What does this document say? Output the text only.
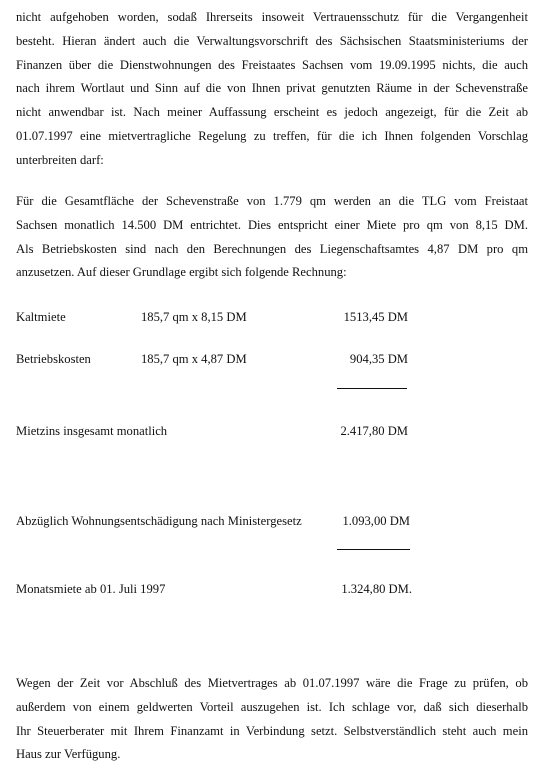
nicht aufgehoben worden, sodaß Ihrerseits insoweit Vertrauensschutz für die Vergangenheit
besteht. Hieran ändert auch die Verwaltungsvorschrift des Sächsischen Staatsministeriums der
Finanzen über die Dienstwohnungen des Freistaates Sachsen vom 19.09.1995 nichts, die auch
nach ihrem Wortlaut und Sinn auf die von Ihnen privat genutzten Räume in der Schevenstraße
nicht anwendbar ist. Nach meiner Auffassung erscheint es jedoch angezeigt, für die Zeit ab
01.07.1997 eine mietvertragliche Regelung zu treffen, für die ich Ihnen folgenden Vorschlag
unterbreiten darf:
Für die Gesamtfläche der Schevenstraße von 1.779 qm werden an die TLG vom Freistaat
Sachsen monatlich 14.500 DM entrichtet. Dies entspricht einer Miete pro qm von 8,15 DM.
Als Betriebskosten sind nach den Berechnungen des Liegenschaftsamtes 4,87 DM pro qm
anzusetzen. Auf dieser Grundlage ergibt sich folgende Rechnung:
Kaltmiete	185,7 qm x 8,15 DM	1513,45 DM
Betriebskosten	185,7 qm x 4,87 DM	904,35 DM
Mietzins insgesamt monatlich	2.417,80 DM
Abzüglich Wohnungsentschädigung nach Ministergesetz	1.093,00 DM
Monatsmiete ab 01. Juli 1997	1.324,80 DM.
Wegen der Zeit vor Abschluß des Mietvertrages ab 01.07.1997 wäre die Frage zu prüfen, ob
außerdem von einem geldwerten Vorteil auszugehen ist. Ich schlage vor, daß sich dieserhalb
Ihr Steuerberater mit Ihrem Finanzamt in Verbindung setzt. Selbstverständlich steht auch mein
Haus zur Verfügung.
